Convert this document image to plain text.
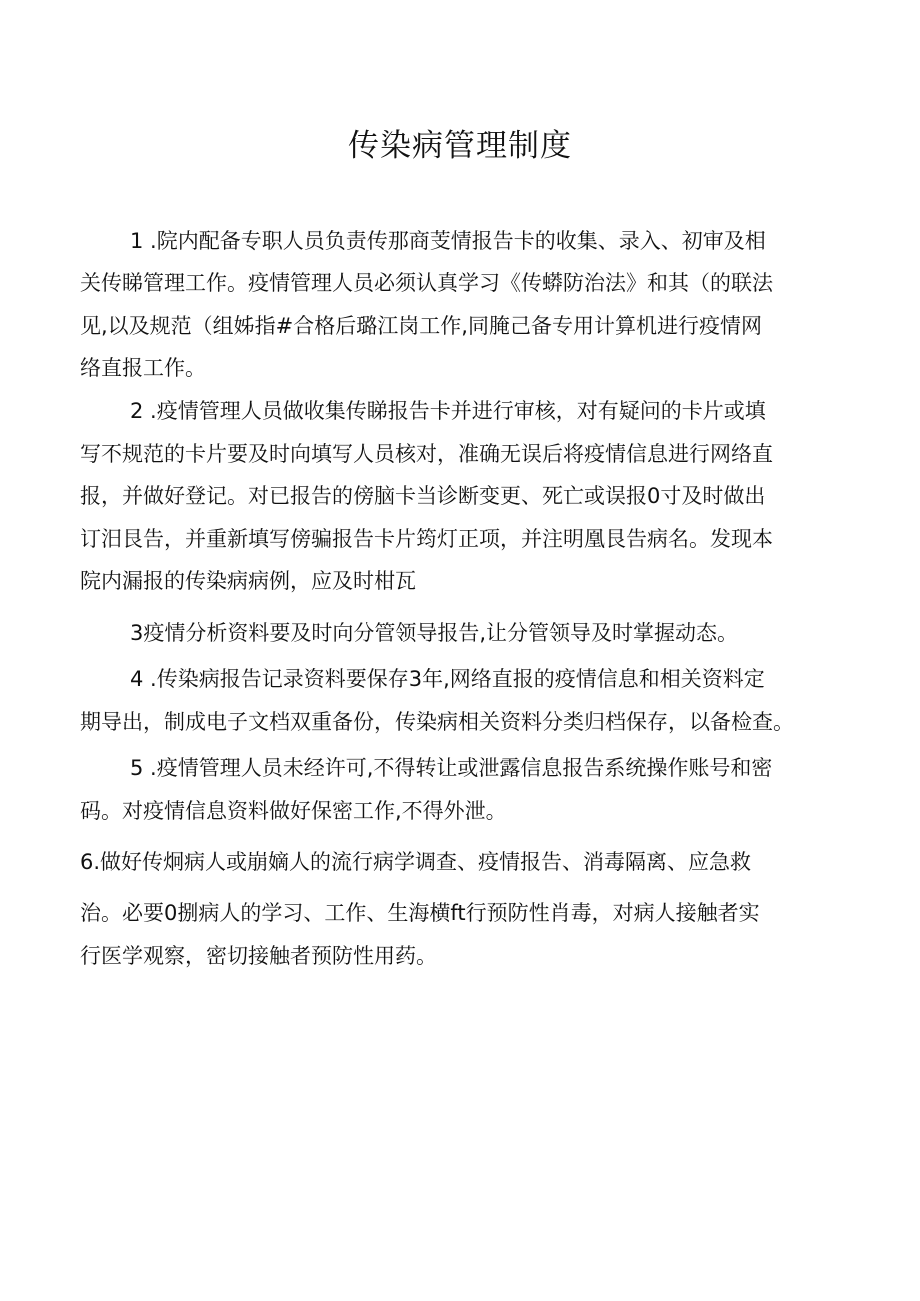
传染病管理制度

1 .院内配备专职人员负责传那商芰情报告卡的收集、录入、初审及相

关传睇管理工作。疫情管理人员必须认真学习《传蟒防治法》和其（的联法

见,以及规范（组姊指#合格后璐江岗工作,同腌己备专用计算机进行疫情网

络直报工作。

2 .疫情管理人员做收集传睇报告卡并进行审核，对有疑问的卡片或填

写不规范的卡片要及时向填写人员核对，准确无误后将疫情信息进行网络直

报，并做好登记。对已报告的傍脑卡当诊断变更、死亡或误报0寸及时做出

订汨艮告，并重新填写傍骗报告卡片筠灯正项，并注明凰艮告病名。发现本

院内漏报的传染病病例，应及时柑瓦

3疫情分析资料要及时向分管领导报告,让分管领导及时掌握动态。

4 .传染病报告记录资料要保存3年,网络直报的疫情信息和相关资料定

期导出，制成电子文档双重备份，传染病相关资料分类归档保存，以备检查。

5 .疫情管理人员未经许可,不得转让或泄露信息报告系统操作账号和密

码。对疫情信息资料做好保密工作,不得外泄。

6.做好传炯病人或崩嫡人的流行病学调查、疫情报告、消毒隔离、应急救

治。必要0捌病人的学习、工作、生海横ft行预防性肖毒，对病人接触者实

行医学观察，密切接触者预防性用药。
